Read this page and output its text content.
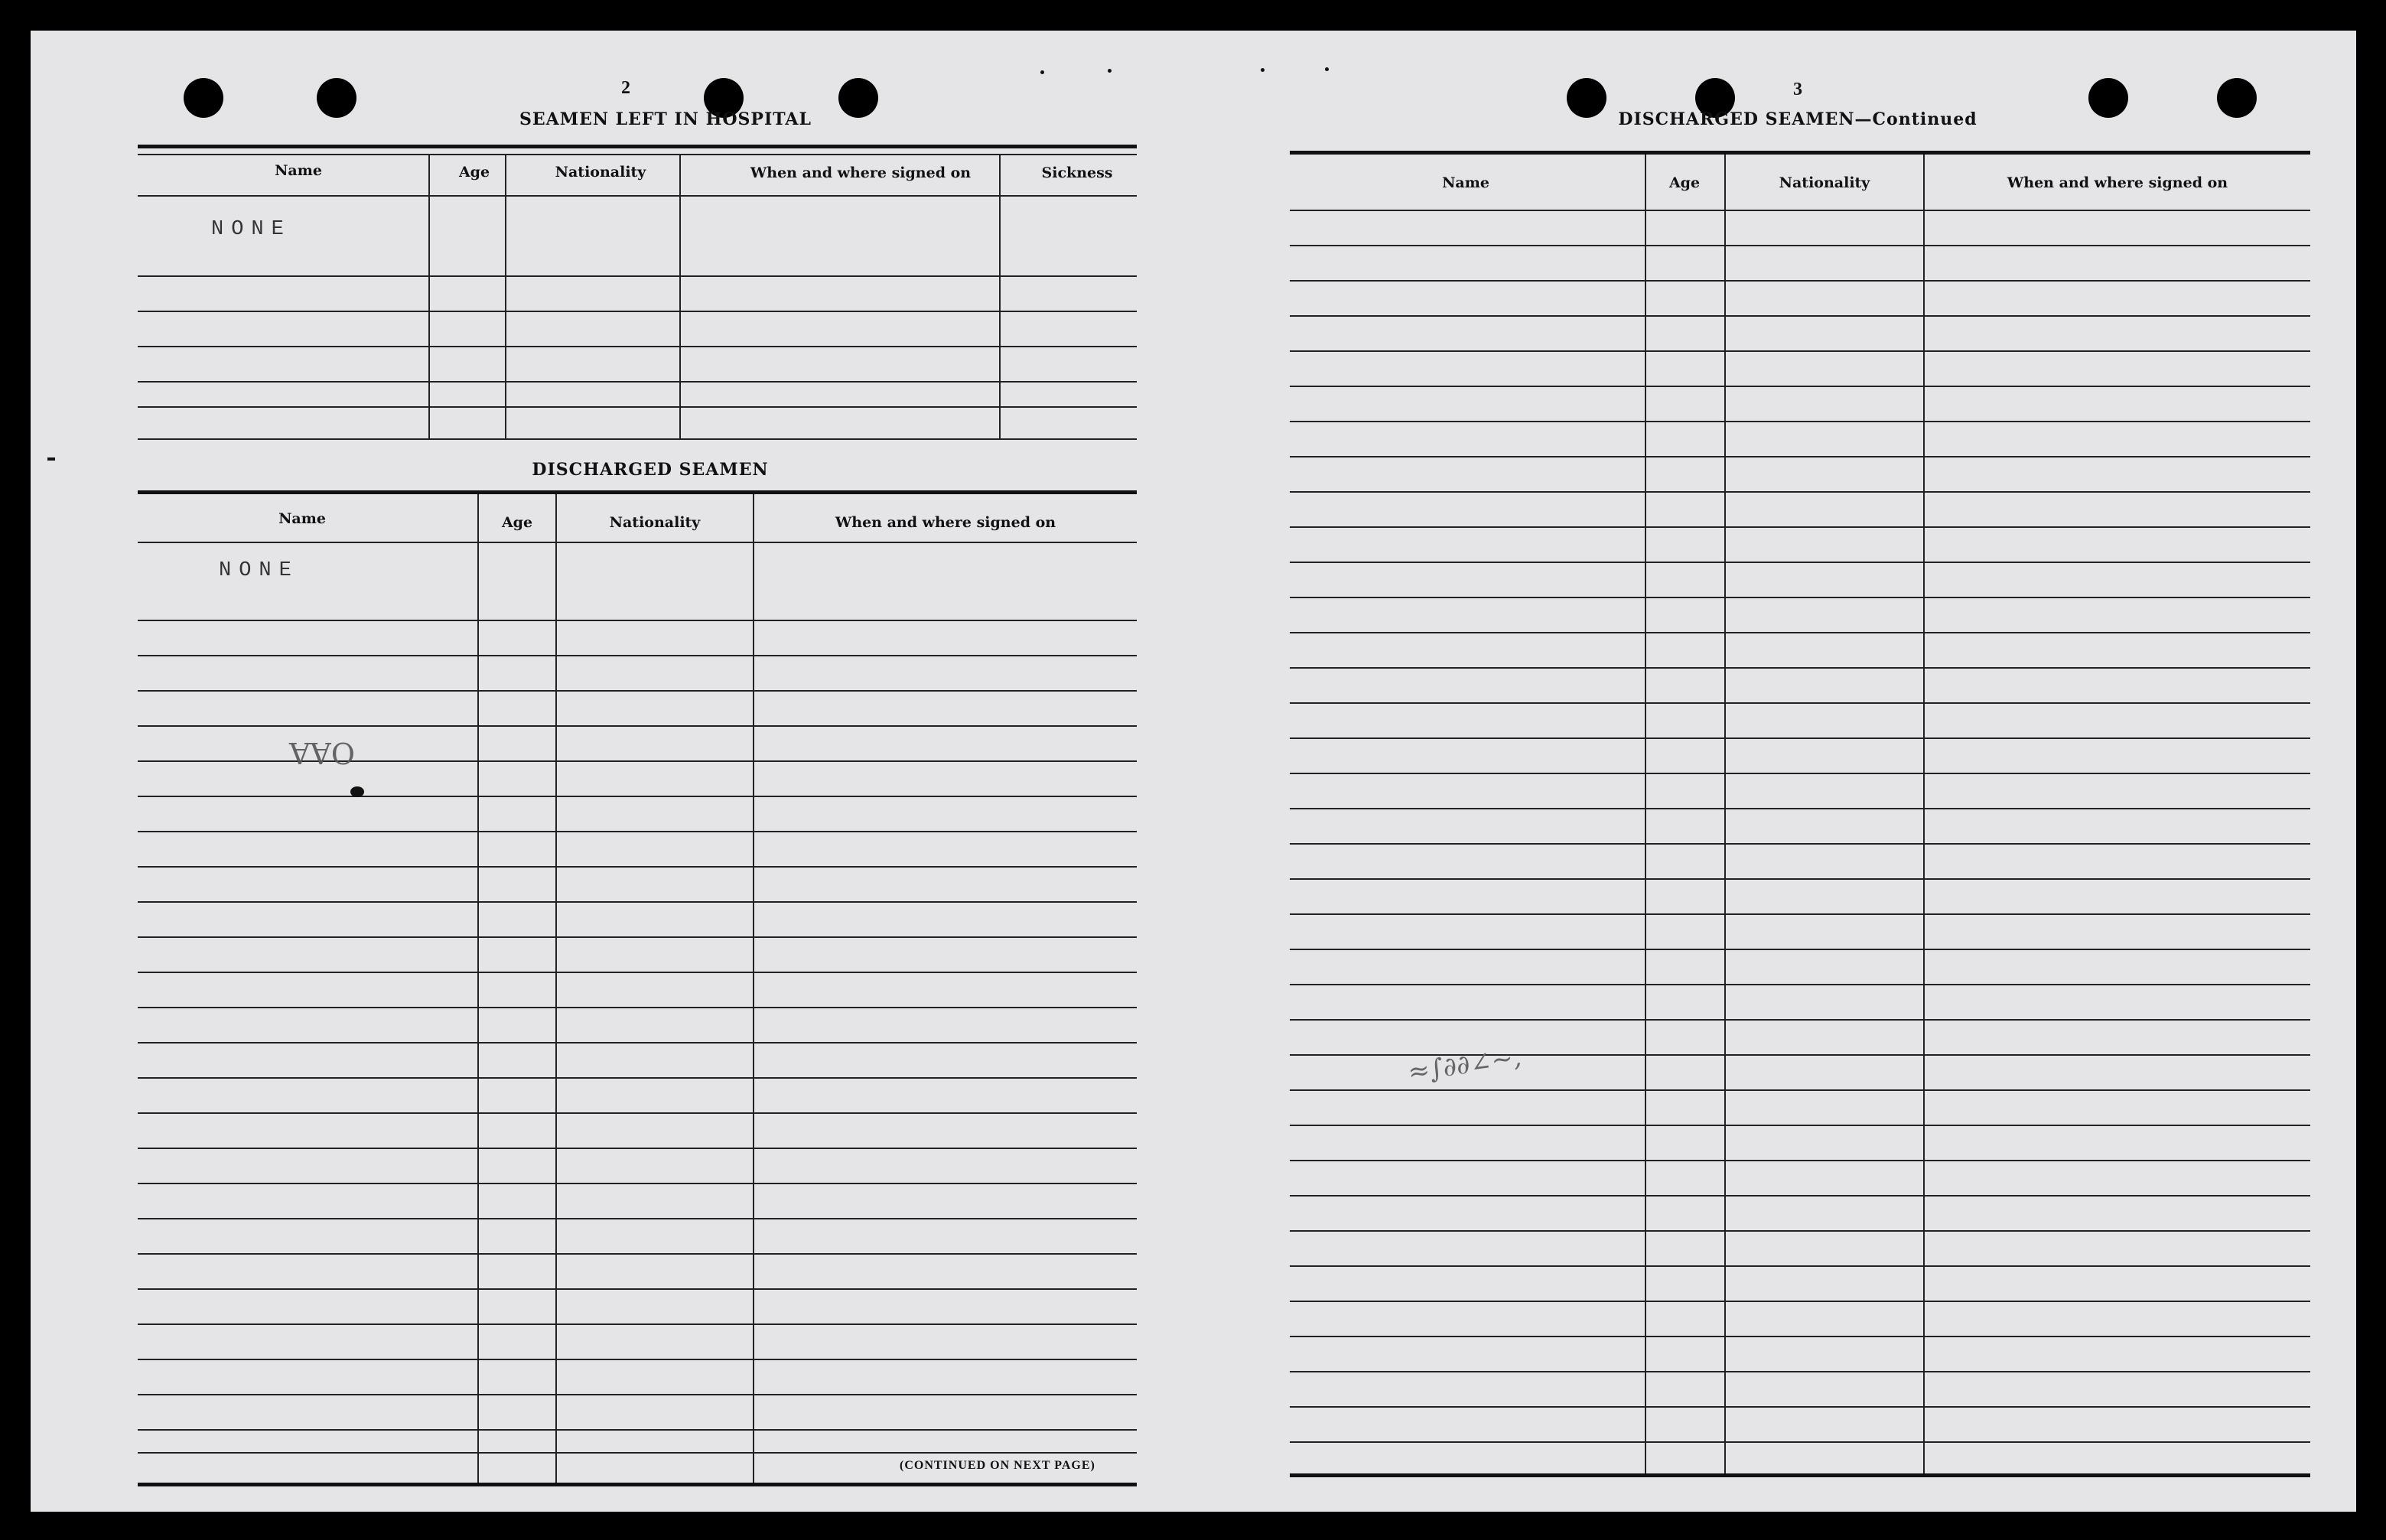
2
SEAMEN LEFT IN HOSPITAL
Name	Age	Nationality	When and where signed on	Sickness
NONE
DISCHARGED SEAMEN
Name	Age	Nationality	When and where signed on
NONE
OAA
(CONTINUED ON NEXT PAGE)
3
DISCHARGED SEAMEN—Continued
Name	Age	Nationality	When and where signed on
≈∫∂∂∠∼,
